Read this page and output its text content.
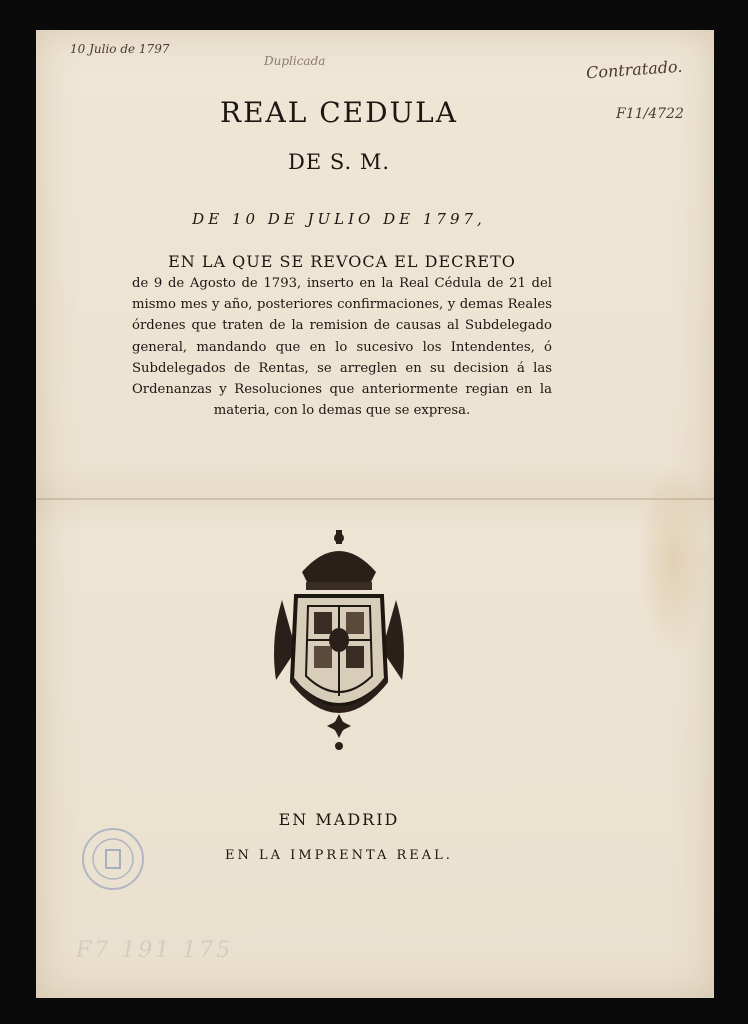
10 Julio de 1797
Duplicada	Contratado.
F11/4722
REAL CEDULA
DE S. M.
DE 10 DE JULIO DE 1797,

EN LA QUE SE REVOCA EL DECRETO

de 9 de Agosto de 1793, inserto en la Real Cédula de 21 del mismo mes y año, posteriores confirmaciones, y demas Reales órdenes que traten de la remision de causas al Subdelegado general, mandando que en lo sucesivo los Intendentes, ó Subdelegados de Rentas, se arreglen en su decision á las Ordenanzas y Resoluciones que anteriormente regian en la materia, con lo demas que se expresa.

EN MADRID
EN LA IMPRENTA REAL.
F7 191 175
